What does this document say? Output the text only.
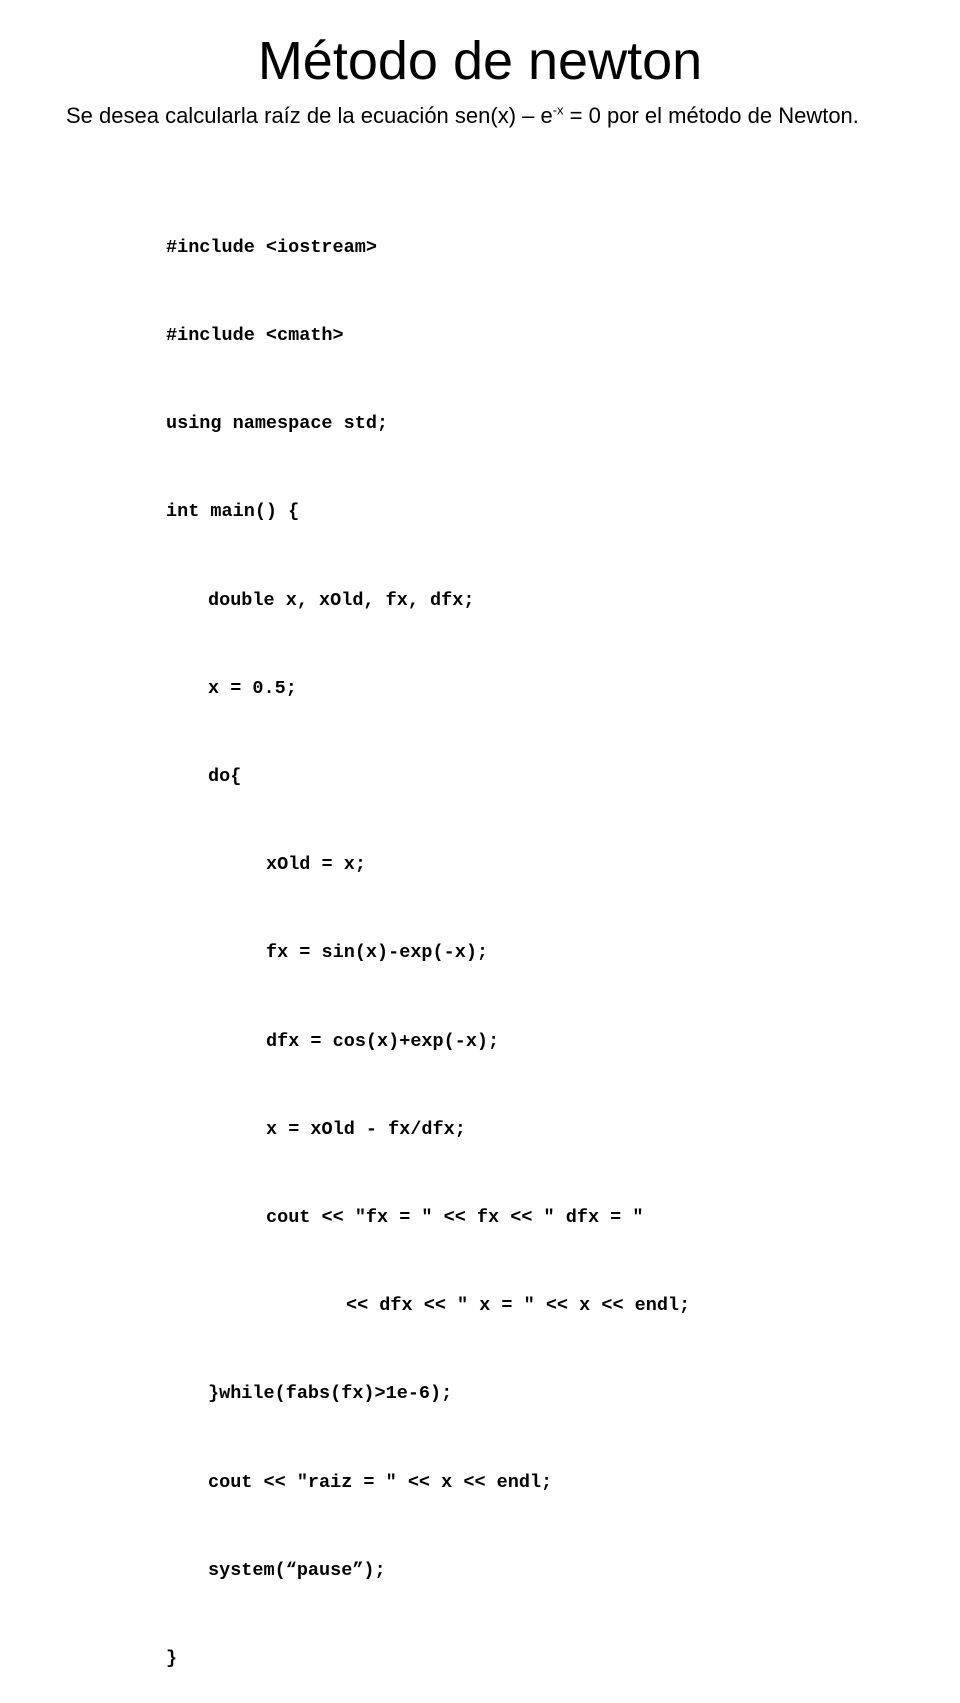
Método de newton
Se desea calcularla raíz de la ecuación $sen(x) - e^{-x} = 0$ por el método de Newton.

#include <iostream>

#include <cmath>

using namespace std;

int main() {

double x, xOld, fx, dfx;

x = 0.5;

do{

xOld = x;

fx = sin(x)-exp(-x);

dfx = cos(x)+exp(-x);

x = xOld - fx/dfx;

cout << "fx = " << fx << " dfx = "

<< dfx << " x = " << x << endl;

}while(fabs(fx)>1e-6);

cout << "raiz = " << x << endl;

system(“pause”);

}
